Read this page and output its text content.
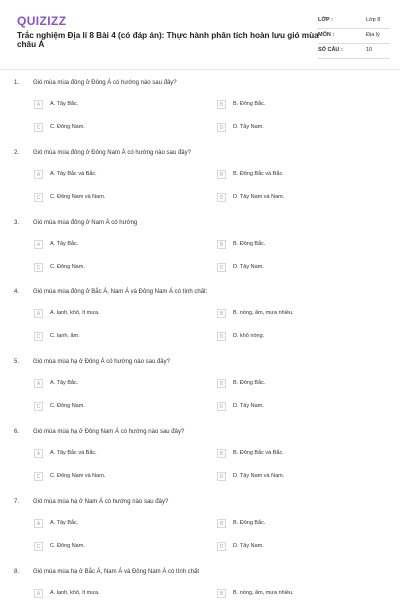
QUIZIZZ
Trắc nghiệm Địa lí 8 Bài 4 (có đáp án): Thực hành phân tích hoàn lưu gió mùa châu Á
LỚP :	Lớp 8
MÔN :	Địa lý
SỐ CÂU :	10
1. Gió mùa mùa đông ở Đông Á có hướng nào sau đây?
A	A. Tây Bắc.	B	B. Đông Bắc.
C	C. Đông Nam.	D	D. Tây Nam.
2. Gió mùa mùa đông ở Đông Nam Á có hướng nào sau đây?
A	A. Tây Bắc và Bắc.	B	B. Đông Bắc và Bắc.
C	C. Đông Nam và Nam.	D	D. Tây Nam và Nam.
3. Gió mùa mùa đông ở Nam Á có hướng
A	A. Tây Bắc.	B	B. Đông Bắc.
C	C. Đông Nam.	D	D. Tây Nam.
4. Gió mùa mùa đông ở Bắc Á, Nam Á và Đông Nam Á có tính chất:
A	A. lạnh, khô, ít mưa.	B	B. nóng, ẩm, mưa nhiều.
C	C. lạnh, ẩm.	D	D. khô nóng.
5. Gió mùa mùa hạ ở Đông Á có hướng nào sau đây?
A	A. Tây Bắc.	B	B. Đông Bắc.
C	C. Đông Nam.	D	D. Tây Nam.
6. Gió mùa mùa hạ ở Đông Nam Á có hướng nào sau đây?
A	A. Tây Bắc và Bắc.	B	B. Đông Bắc và Bắc.
C	C. Đông Nam và Nam.	D	D. Tây Nam và Nam.
7. Gió mùa mùa hạ ở Nam Á có hướng nào sau đây?
A	A. Tây Bắc.	B	B. Đông Bắc.
C	C. Đông Nam.	D	D. Tây Nam.
8. Gió mùa mùa hạ ở Bắc Á, Nam Á và Đông Nam Á có tính chất
A	A. lạnh, khô, ít mưa.	B	B. nóng, ẩm, mưa nhiều.
